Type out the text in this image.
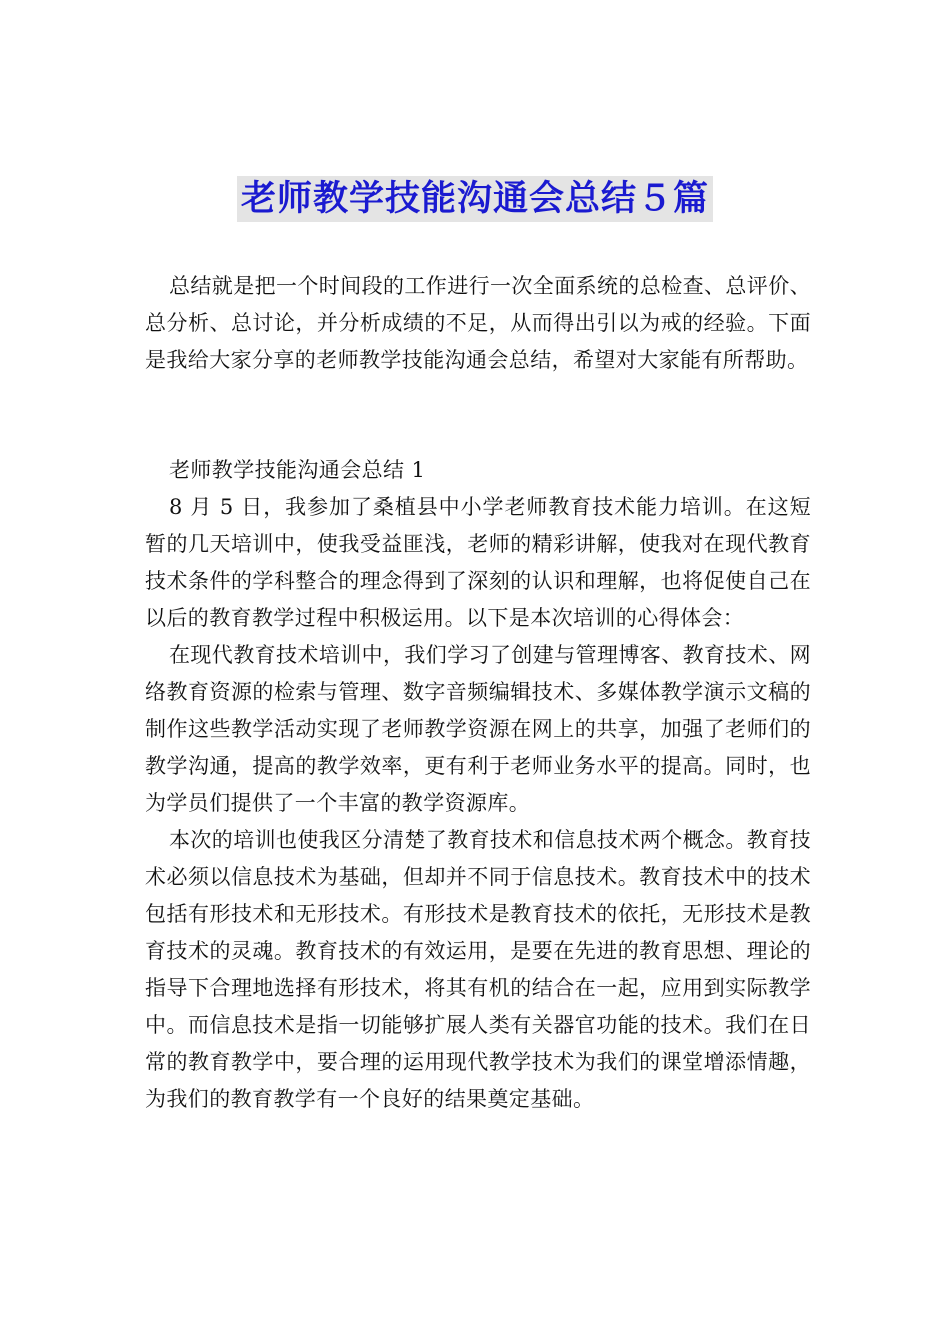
老师教学技能沟通会总结５篇

总结就是把一个时间段的工作进行一次全面系统的总检查、总评价、总分析、总讨论，并分析成绩的不足，从而得出引以为戒的经验。下面是我给大家分享的老师教学技能沟通会总结，希望对大家能有所帮助。

老师教学技能沟通会总结 1

8 月 5 日，我参加了桑植县中小学老师教育技术能力培训。在这短暂的几天培训中，使我受益匪浅，老师的精彩讲解，使我对在现代教育技术条件的学科整合的理念得到了深刻的认识和理解，也将促使自己在以后的教育教学过程中积极运用。以下是本次培训的心得体会：

在现代教育技术培训中，我们学习了创建与管理博客、教育技术、网络教育资源的检索与管理、数字音频编辑技术、多媒体教学演示文稿的制作这些教学活动实现了老师教学资源在网上的共享，加强了老师们的教学沟通，提高的教学效率，更有利于老师业务水平的提高。同时，也为学员们提供了一个丰富的教学资源库。

本次的培训也使我区分清楚了教育技术和信息技术两个概念。教育技术必须以信息技术为基础，但却并不同于信息技术。教育技术中的技术包括有形技术和无形技术。有形技术是教育技术的依托，无形技术是教育技术的灵魂。教育技术的有效运用，是要在先进的教育思想、理论的指导下合理地选择有形技术，将其有机的结合在一起，应用到实际教学中。而信息技术是指一切能够扩展人类有关器官功能的技术。我们在日常的教育教学中，要合理的运用现代教学技术为我们的课堂增添情趣，为我们的教育教学有一个良好的结果奠定基础。
